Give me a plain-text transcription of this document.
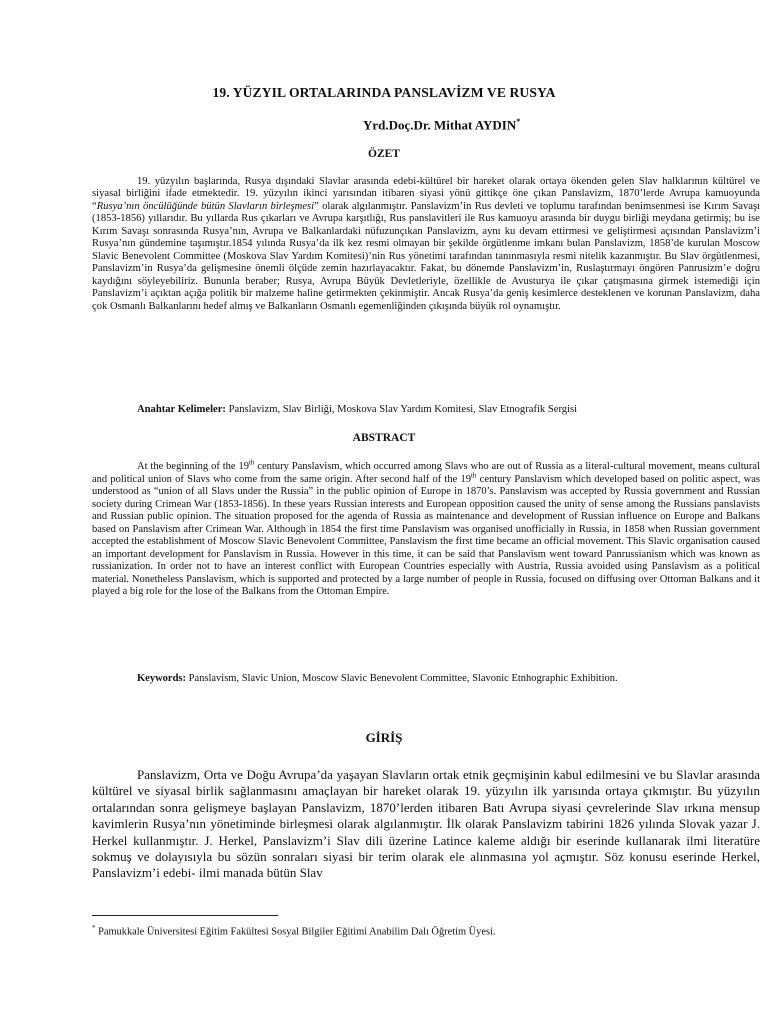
19. YÜZYIL ORTALARINDA PANSLAVİZM VE RUSYA
Yrd.Doç.Dr. Mithat AYDIN*
ÖZET

19. yüzyılın başlarında, Rusya dışındaki Slavlar arasında edebi-kültürel bir hareket olarak ortaya ökenden gelen Slav halklarının kültürel ve siyasal birliğini ifade etmektedir. 19. yüzyılın ikinci yarısından itibaren siyasi yönü gittikçe öne çıkan Panslavizm, 1870’lerde Avrupa kamuoyunda “Rusya’nın öncülüğünde bütün Slavların birleşmesi” olarak algılanmıştır. Panslavizm’in Rus devleti ve toplumu tarafından benimsenmesi ise Kırım Savaşı (1853-1856) yıllarıdır. Bu yıllarda Rus çıkarları ve Avrupa karşıtlığı, Rus panslavitleri ile Rus kamuoyu arasında bir duygu birliği meydana getirmiş; bu ise Kırım Savaşı sonrasında Rusya’nın, Avrupa ve Balkanlardaki nüfuzunçıkan Panslavizm, aynı ku devam ettirmesi ve geliştirmesi açısından Panslavizm’i Rusya’nın gündemine taşımıştır.1854 yılında Rusya’da ilk kez resmi olmayan bir şekilde örgütlenme imkanı bulan Panslavizm, 1858’de kurulan Moscow Slavic Benevolent Committee (Moskova Slav Yardım Komitesi)’nin Rus yönetimi tarafından tanınmasıyla resmi nitelik kazanmıştır. Bu Slav örgütlenmesi, Panslavizm’in Rusya’da gelişmesine önemli ölçüde zemin hazırlayacaktır. Fakat, bu dönemde Panslavizm’in, Ruslaştırmayı öngören Panrusizm’e doğru kaydığını söyleyebiliriz. Bununla beraber; Rusya, Avrupa Büyük Devletleriyle, özellikle de Avusturya ile çıkar çatışmasına girmek istemediği için Panslavizm’i açıktan açığa politik bir malzeme haline getirmekten çekinmiştir. Ancak Rusya’da geniş kesimlerce desteklenen ve korunan Panslavizm, daha çok Osmanlı Balkanlarını hedef almış ve Balkanların Osmanlı egemenliğinden çıkışında büyük rol oynamıştır.

Anahtar Kelimeler: Panslavizm, Slav Birliği, Moskova Slav Yardım Komitesi, Slav Etnografik Sergisi

ABSTRACT

At the beginning of the 19th century Panslavism, which occurred among Slavs who are out of Russia as a literal-cultural movement, means cultural and political union of Slavs who come from the same origin. After second half of the 19th century Panslavism which developed based on politic aspect, was understood as “union of all Slavs under the Russia” in the public opinion of Europe in 1870’s. Panslavism was accepted by Russia government and Russian society during Crimean War (1853-1856). In these years Russian interests and European opposition caused the unity of sense among the Russians panslavists and Russian public opinion. The situation proposed for the agenda of Russia as maintenance and development of Russian influence on Europe and Balkans based on Panslavism after Crimean War. Although in 1854 the first time Panslavism was organised unofficially in Russia, in 1858 when Russian government accepted the establishment of Moscow Slavic Benevolent Committee, Panslavism the first time became an official movement. This Slavic organisation caused an important development for Panslavism in Russia. However in this time, it can be said that Panslavism went toward Panrussianism which was known as russianization. In order not to have an interest conflict with European Countries especially with Austria, Russia avoided using Panslavism as a political material. Nonetheless Panslavism, which is supported and protected by a large number of people in Russia, focused on diffusing over Ottoman Balkans and it played a big role for the lose of the Balkans from the Ottoman Empire.

Keywords: Panslavism, Slavic Union, Moscow Slavic Benevolent Committee, Slavonic Etnhographic Exhibition.

GİRİŞ

Panslavizm, Orta ve Doğu Avrupa’da yaşayan Slavların ortak etnik geçmişinin kabul edilmesini ve bu Slavlar arasında kültürel ve siyasal birlik sağlanmasını amaçlayan bir hareket olarak 19. yüzyılın ilk yarısında ortaya çıkmıştır. Bu yüzyılın ortalarından sonra gelişmeye başlayan Panslavizm, 1870’lerden itibaren Batı Avrupa siyasi çevrelerinde Slav ırkına mensup kavimlerin Rusya’nın yönetiminde birleşmesi olarak algılanmıştır. İlk olarak Panslavizm tabirini 1826 yılında Slovak yazar J. Herkel kullanmıştır. J. Herkel, Panslavizm’i Slav dili üzerine Latince kaleme aldığı bir eserinde kullanarak ilmi literatüre sokmuş ve dolayısıyla bu sözün sonraları siyasi bir terim olarak ele alınmasına yol açmıştır. Söz konusu eserinde Herkel, Panslavizm’i edebi- ilmi manada bütün Slav

* Pamukkale Üniversitesi Eğitim Fakültesi Sosyal Bilgiler Eğitimi Anabilim Dalı Öğretim Üyesi.
